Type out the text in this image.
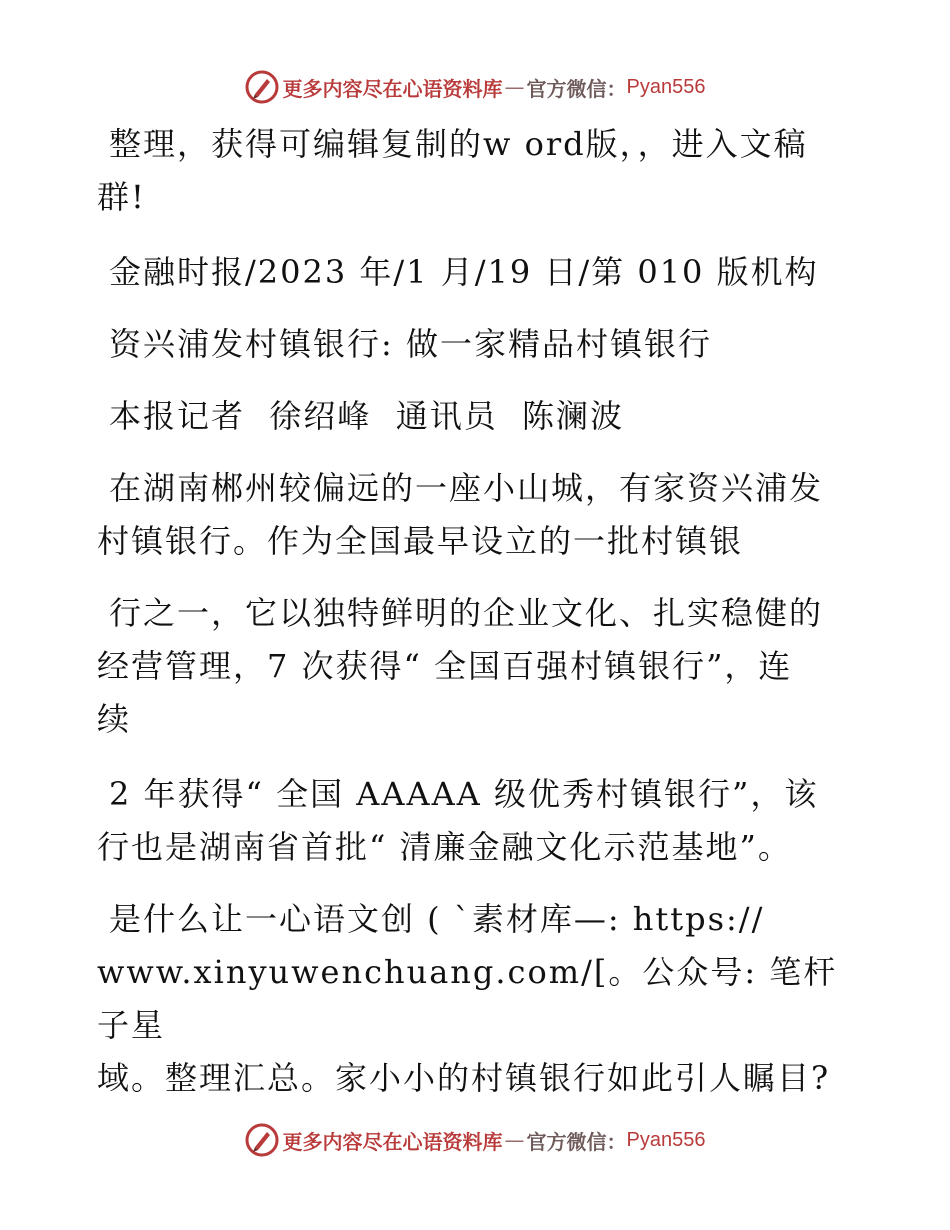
更多内容尽在心语资料库 — 官方微信： Pyan556

整理，获得可编辑复制的w ord版，，进入文稿
群!

金融时报/2023 年/1 月/19 日/第 010 版机构

资兴浦发村镇银行: 做一家精品村镇银行

本报记者  徐绍峰  通讯员  陈澜波

在湖南郴州较偏远的一座小山城，有家资兴浦发
村镇银行。作为全国最早设立的一批村镇银

行之一，它以独特鲜明的企业文化、扎实稳健的
经营管理，7 次获得“ 全国百强村镇银行”，连
续

2 年获得“ 全国 AAAAA 级优秀村镇银行”，该
行也是湖南省首批“ 清廉金融文化示范基地”。

是什么让一心语文创 ( `素材库—: https://
www.xinyuwenchuang.com/[。公众号: 笔杆子星
域。整理汇总。家小小的村镇银行如此引人瞩目?

更多内容尽在心语资料库 — 官方微信： Pyan556
